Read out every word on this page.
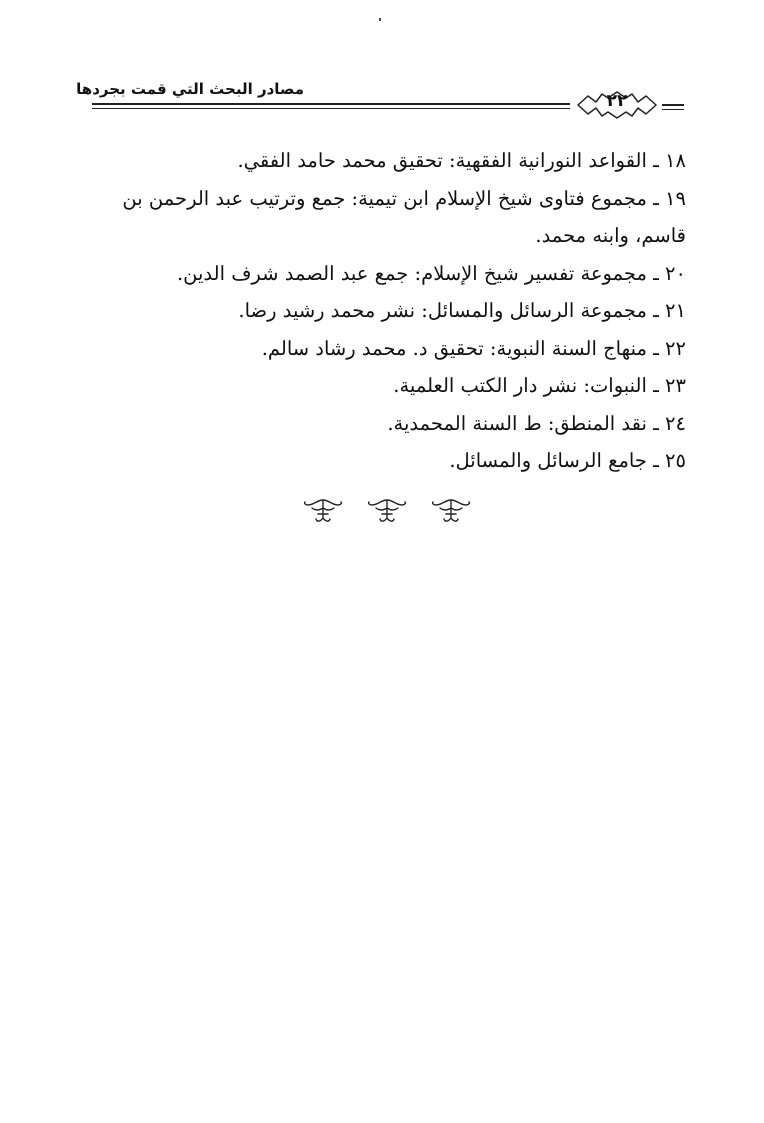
مصادر البحث التي قمت بجردها
٢٢
١٨ ـ القواعد النورانية الفقهية: تحقيق محمد حامد الفقي.
١٩ ـ مجموع فتاوى شيخ الإسلام ابن تيمية: جمع وترتيب عبد الرحمن بن
قاسم، وابنه محمد.
٢٠ ـ مجموعة تفسير شيخ الإسلام: جمع عبد الصمد شرف الدين.
٢١ ـ مجموعة الرسائل والمسائل: نشر محمد رشيد رضا.
٢٢ ـ منهاج السنة النبوية: تحقيق د. محمد رشاد سالم.
٢٣ ـ النبوات: نشر دار الكتب العلمية.
٢٤ ـ نقد المنطق: ط السنة المحمدية.
٢٥ ـ جامع الرسائل والمسائل.
